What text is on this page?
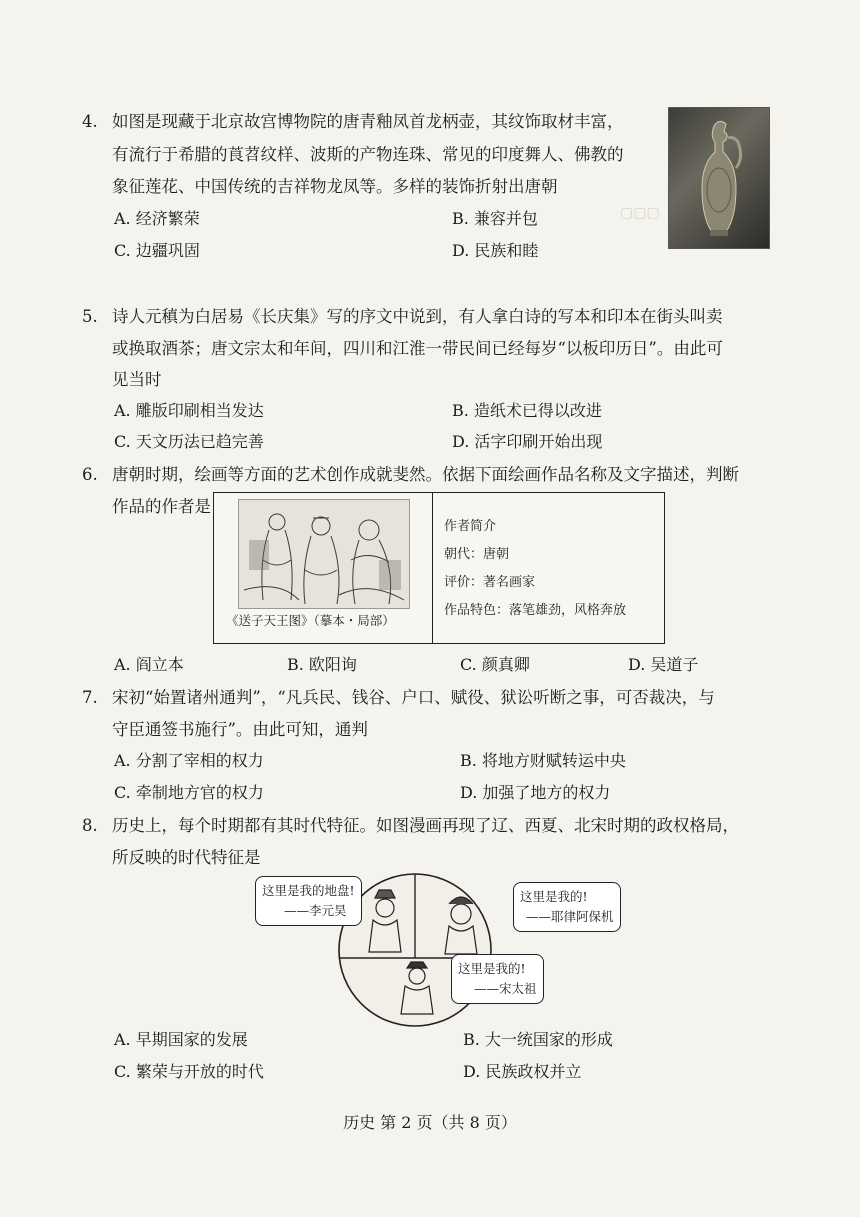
▢▢▢
4. 如图是现藏于北京故宫博物院的唐青釉凤首龙柄壶，其纹饰取材丰富，
有流行于希腊的莨苕纹样、波斯的产物连珠、常见的印度舞人、佛教的
象征莲花、中国传统的吉祥物龙凤等。多样的装饰折射出唐朝
A. 经济繁荣	B. 兼容并包
C. 边疆巩固	D. 民族和睦
5. 诗人元稹为白居易《长庆集》写的序文中说到，有人拿白诗的写本和印本在街头叫卖
或换取酒茶；唐文宗太和年间，四川和江淮一带民间已经每岁“以板印历日”。由此可
见当时
A. 雕版印刷相当发达	B. 造纸术已得以改进
C. 天文历法已趋完善	D. 活字印刷开始出现
6. 唐朝时期，绘画等方面的艺术创作成就斐然。依据下面绘画作品名称及文字描述，判断
作品的作者是
《送子天王图》（摹本・局部）
作者简介
朝代：唐朝
评价：著名画家
作品特色：落笔雄劲，风格奔放
A. 阎立本	B. 欧阳询	C. 颜真卿	D. 吴道子
7. 宋初“始置诸州通判”，“凡兵民、钱谷、户口、赋役、狱讼听断之事，可否裁决，与
守臣通签书施行”。由此可知，通判
A. 分割了宰相的权力	B. 将地方财赋转运中央
C. 牵制地方官的权力	D. 加强了地方的权力
8. 历史上，每个时期都有其时代特征。如图漫画再现了辽、西夏、北宋时期的政权格局，
所反映的时代特征是
这里是我的地盘!
——李元昊
这里是我的!
——耶律阿保机
这里是我的!
——宋太祖
A. 早期国家的发展	B. 大一统国家的形成
C. 繁荣与开放的时代	D. 民族政权并立
历史 第 2 页（共 8 页）
